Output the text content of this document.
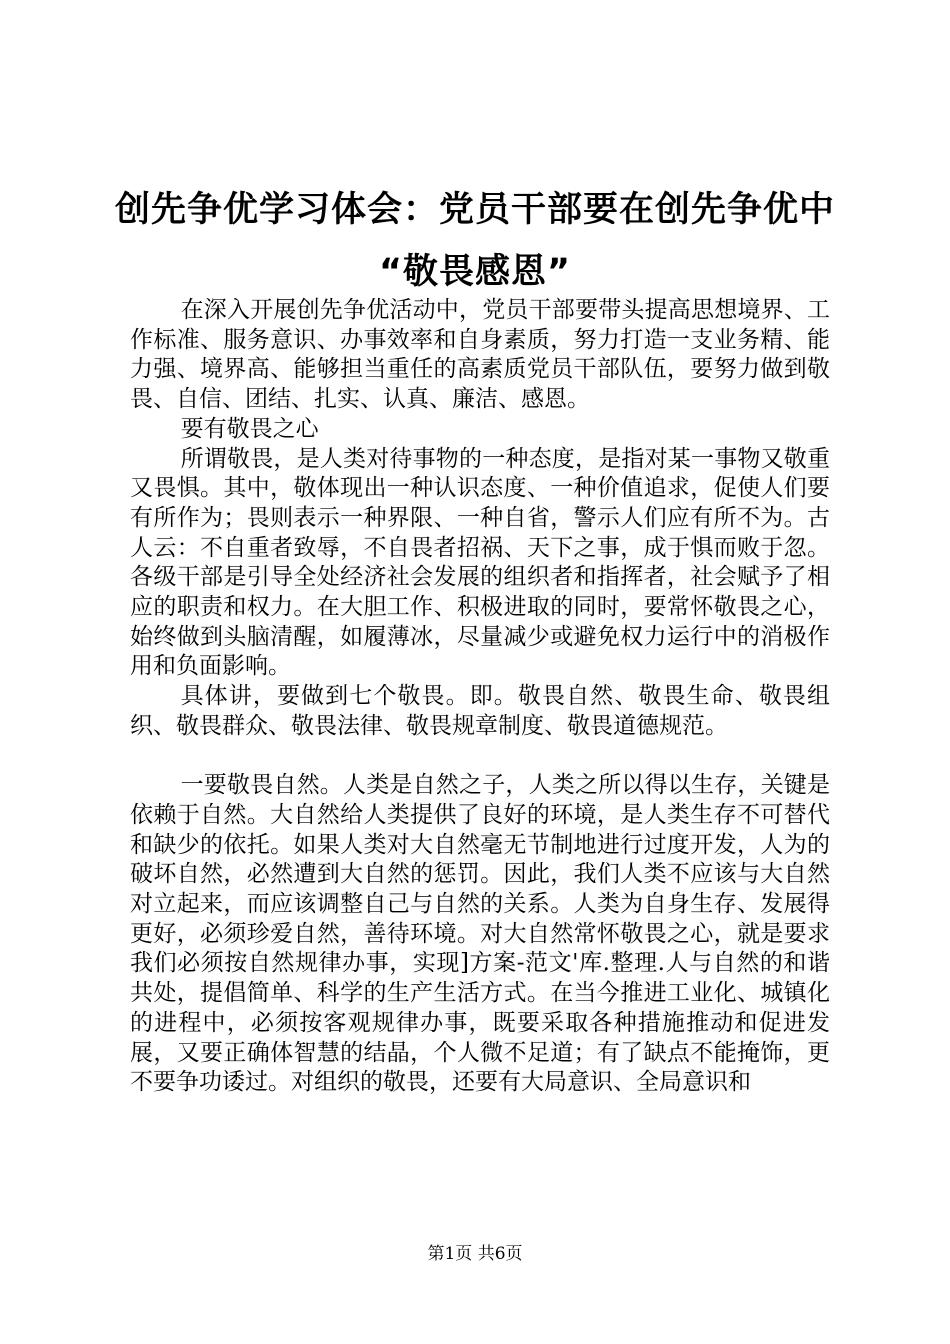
创先争优学习体会：党员干部要在创先争优中
“敬畏感恩”

在深入开展创先争优活动中，党员干部要带头提高思想境界、工作标准、服务意识、办事效率和自身素质，努力打造一支业务精、能力强、境界高、能够担当重任的高素质党员干部队伍，要努力做到敬畏、自信、团结、扎实、认真、廉洁、感恩。

要有敬畏之心

所谓敬畏，是人类对待事物的一种态度，是指对某一事物又敬重又畏惧。其中，敬体现出一种认识态度、一种价值追求，促使人们要有所作为；畏则表示一种界限、一种自省，警示人们应有所不为。古人云：不自重者致辱，不自畏者招祸、天下之事，成于惧而败于忽。各级干部是引导全处经济社会发展的组织者和指挥者，社会赋予了相应的职责和权力。在大胆工作、积极进取的同时，要常怀敬畏之心，始终做到头脑清醒，如履薄冰，尽量减少或避免权力运行中的消极作用和负面影响。

具体讲，要做到七个敬畏。即。敬畏自然、敬畏生命、敬畏组织、敬畏群众、敬畏法律、敬畏规章制度、敬畏道德规范。

一要敬畏自然。人类是自然之子，人类之所以得以生存，关键是依赖于自然。大自然给人类提供了良好的环境，是人类生存不可替代和缺少的依托。如果人类对大自然毫无节制地进行过度开发，人为的破坏自然，必然遭到大自然的惩罚。因此，我们人类不应该与大自然对立起来，而应该调整自己与自然的关系。人类为自身生存、发展得更好，必须珍爱自然，善待环境。对大自然常怀敬畏之心，就是要求我们必须按自然规律办事，实现]方案-范文'库.整理.人与自然的和谐共处，提倡简单、科学的生产生活方式。在当今推进工业化、城镇化的进程中，必须按客观规律办事，既要采取各种措施推动和促进发展，又要正确体智慧的结晶，个人微不足道；有了缺点不能掩饰，更不要争功诿过。对组织的敬畏，还要有大局意识、全局意识和

第1页 共6页
